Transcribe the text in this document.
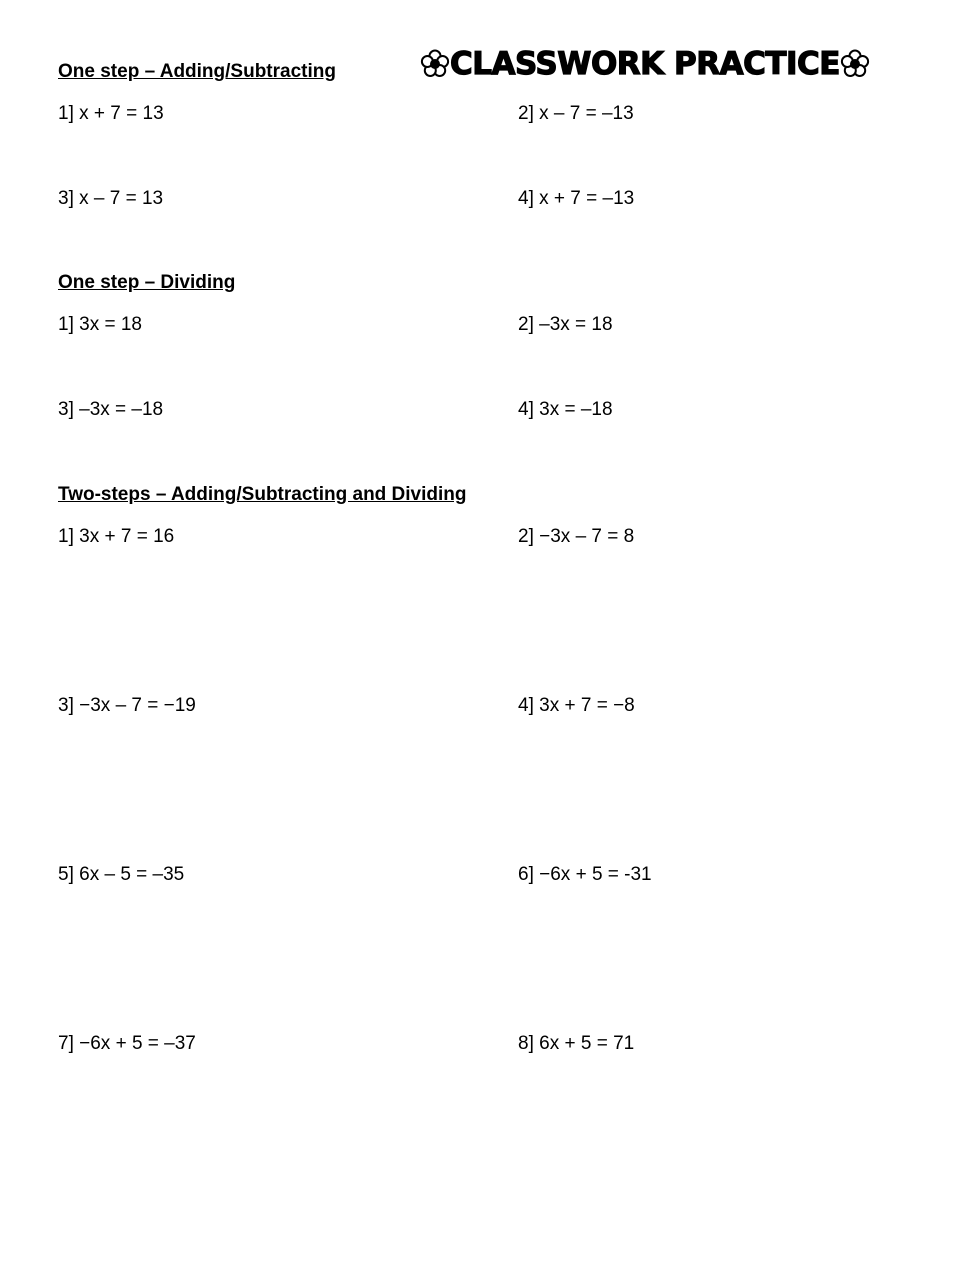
CLASSWORK PRACTICE
One step – Adding/Subtracting
1] x + 7 = 13	2] x – 7 = –13
3] x – 7 = 13	4] x + 7 = –13
One step – Dividing
1] 3x = 18	2] –3x = 18
3] –3x = –18	4] 3x = –18
Two-steps – Adding/Subtracting and Dividing
1] 3x + 7 = 16	2] −3x – 7 = 8
3] −3x – 7 = −19	4] 3x + 7 = −8
5] 6x – 5 = –35	6] −6x + 5 = -31
7] −6x + 5 = –37	8] 6x + 5 = 71
